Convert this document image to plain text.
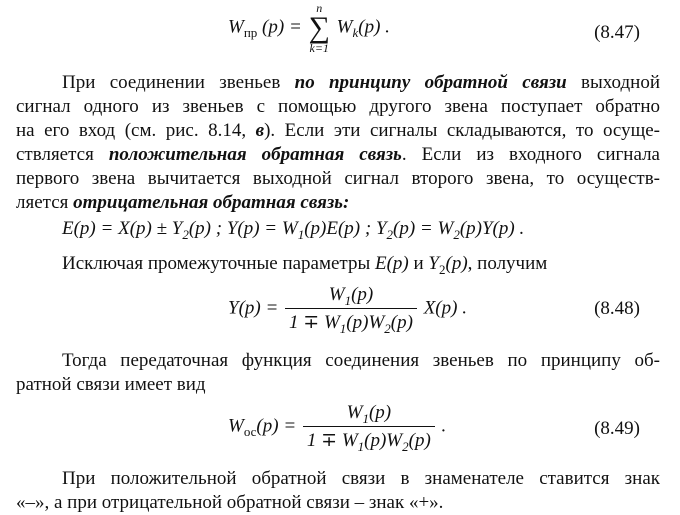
$W_{пр}$ (p) =
n
∑
k=1
$W_k(p)$ .	(8.47)
При соединении звеньев по принципу обратной связи выходной
сигнал одного из звеньев с помощью другого звена поступает обратно
на его вход (см. рис. 8.14, в). Если эти сигналы складываются, то осуще-
ствляется положительная обратная связь. Если из входного сигнала
первого звена вычитается выходной сигнал второго звена, то осуществ-
ляется отрицательная обратная связь:
$E(p) = X(p) \pm Y_2(p)$ ; $Y(p) = W_1(p)E(p)$ ; $Y_2(p) = W_2(p)Y(p)$ .
Исключая промежуточные параметры E(p) и $Y_2(p)$, получим
$Y(p) = \frac{W_1(p)}{1 \mp W_1(p)W_2(p)} X(p)$ .	(8.48)
Тогда передаточная функция соединения звеньев по принципу об-
ратной связи имеет вид
$W_{ос}(p) = \frac{W_1(p)}{1 \mp W_1(p)W_2(p)}$ .	(8.49)
При положительной обратной связи в знаменателе ставится знак
«–», а при отрицательной обратной связи – знак «+».
